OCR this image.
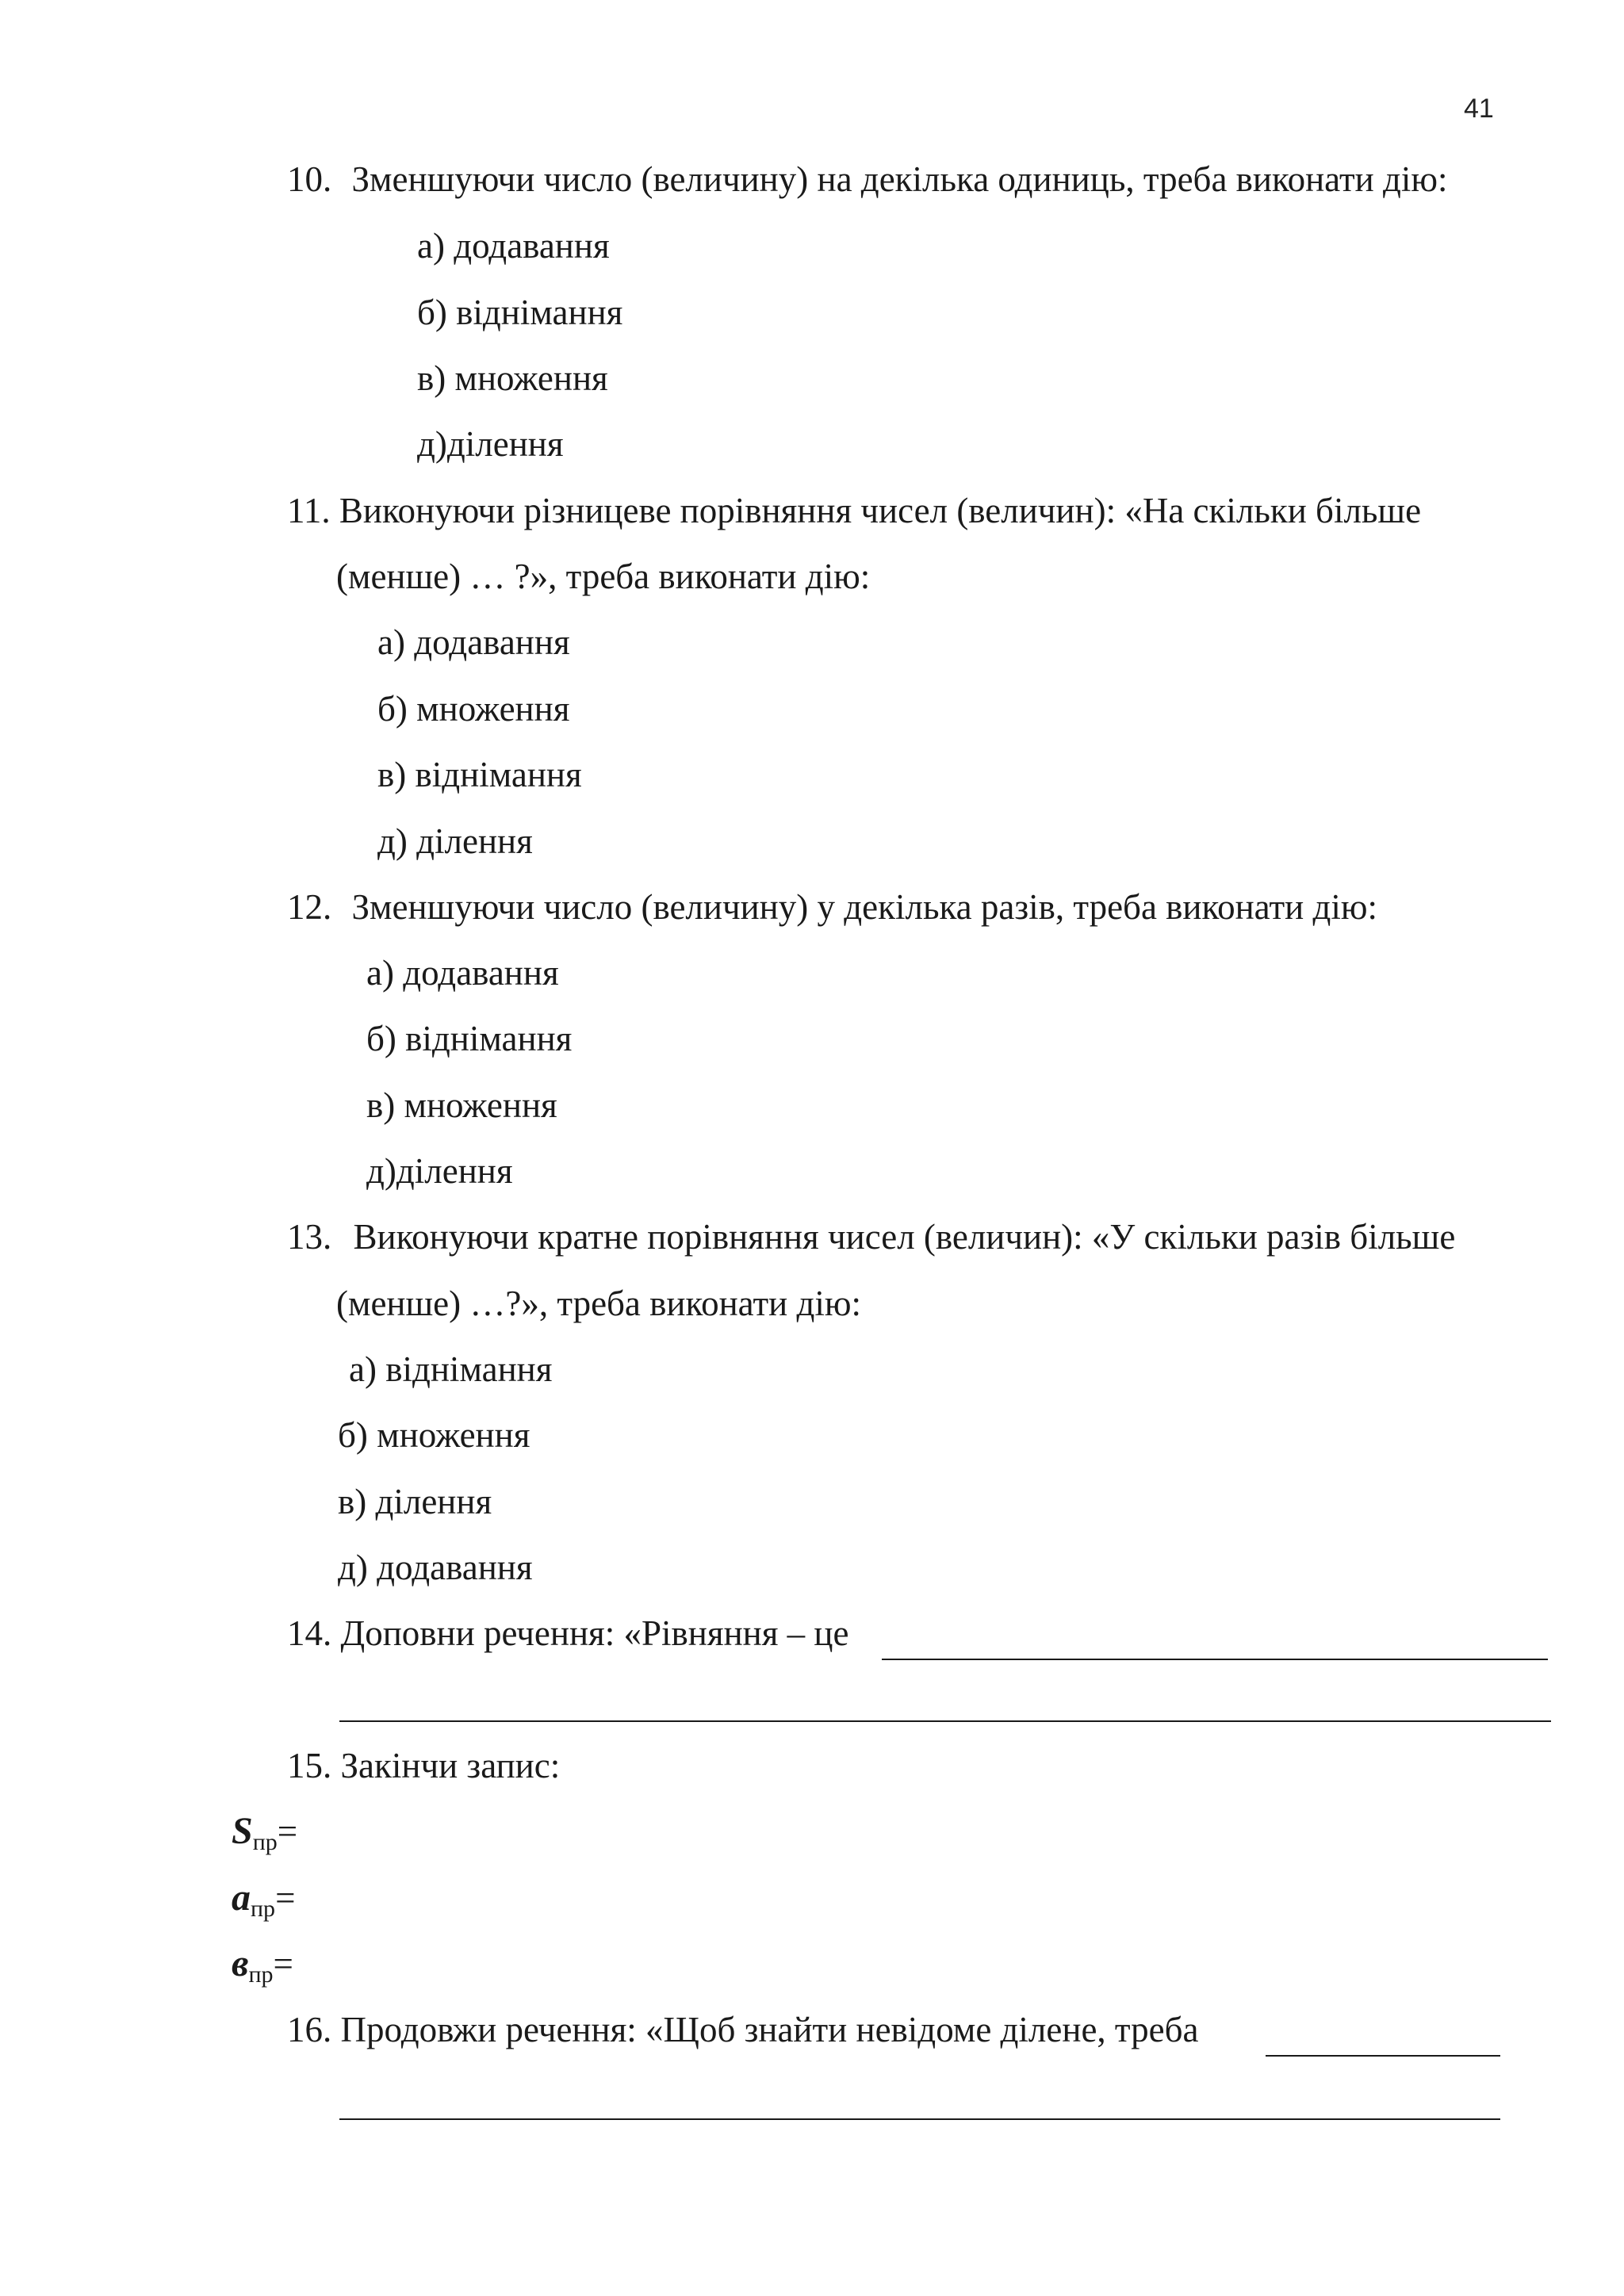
41
10. Зменшуючи число (величину) на декілька одиниць, треба виконати дію:
а) додавання
б) віднімання
в) множення
д)ділення
11. Виконуючи різницеве порівняння чисел (величин): «На скільки більше
(менше) … ?», треба виконати дію:
а) додавання
б) множення
в) віднімання
д) ділення
12. Зменшуючи число (величину) у декілька разів, треба виконати дію:
а) додавання
б) віднімання
в) множення
д)ділення
13. Виконуючи кратне порівняння чисел (величин): «У скільки разів більше
(менше) …?», треба виконати дію:
а) віднімання
б) множення
в) ділення
д) додавання
14. Доповни речення: «Рівняння – це
15. Закінчи запис:
$S_{пр}=$
$а_{пр}=$
$в_{пр}=$
16. Продовжи речення: «Щоб знайти невідоме ділене, треба
